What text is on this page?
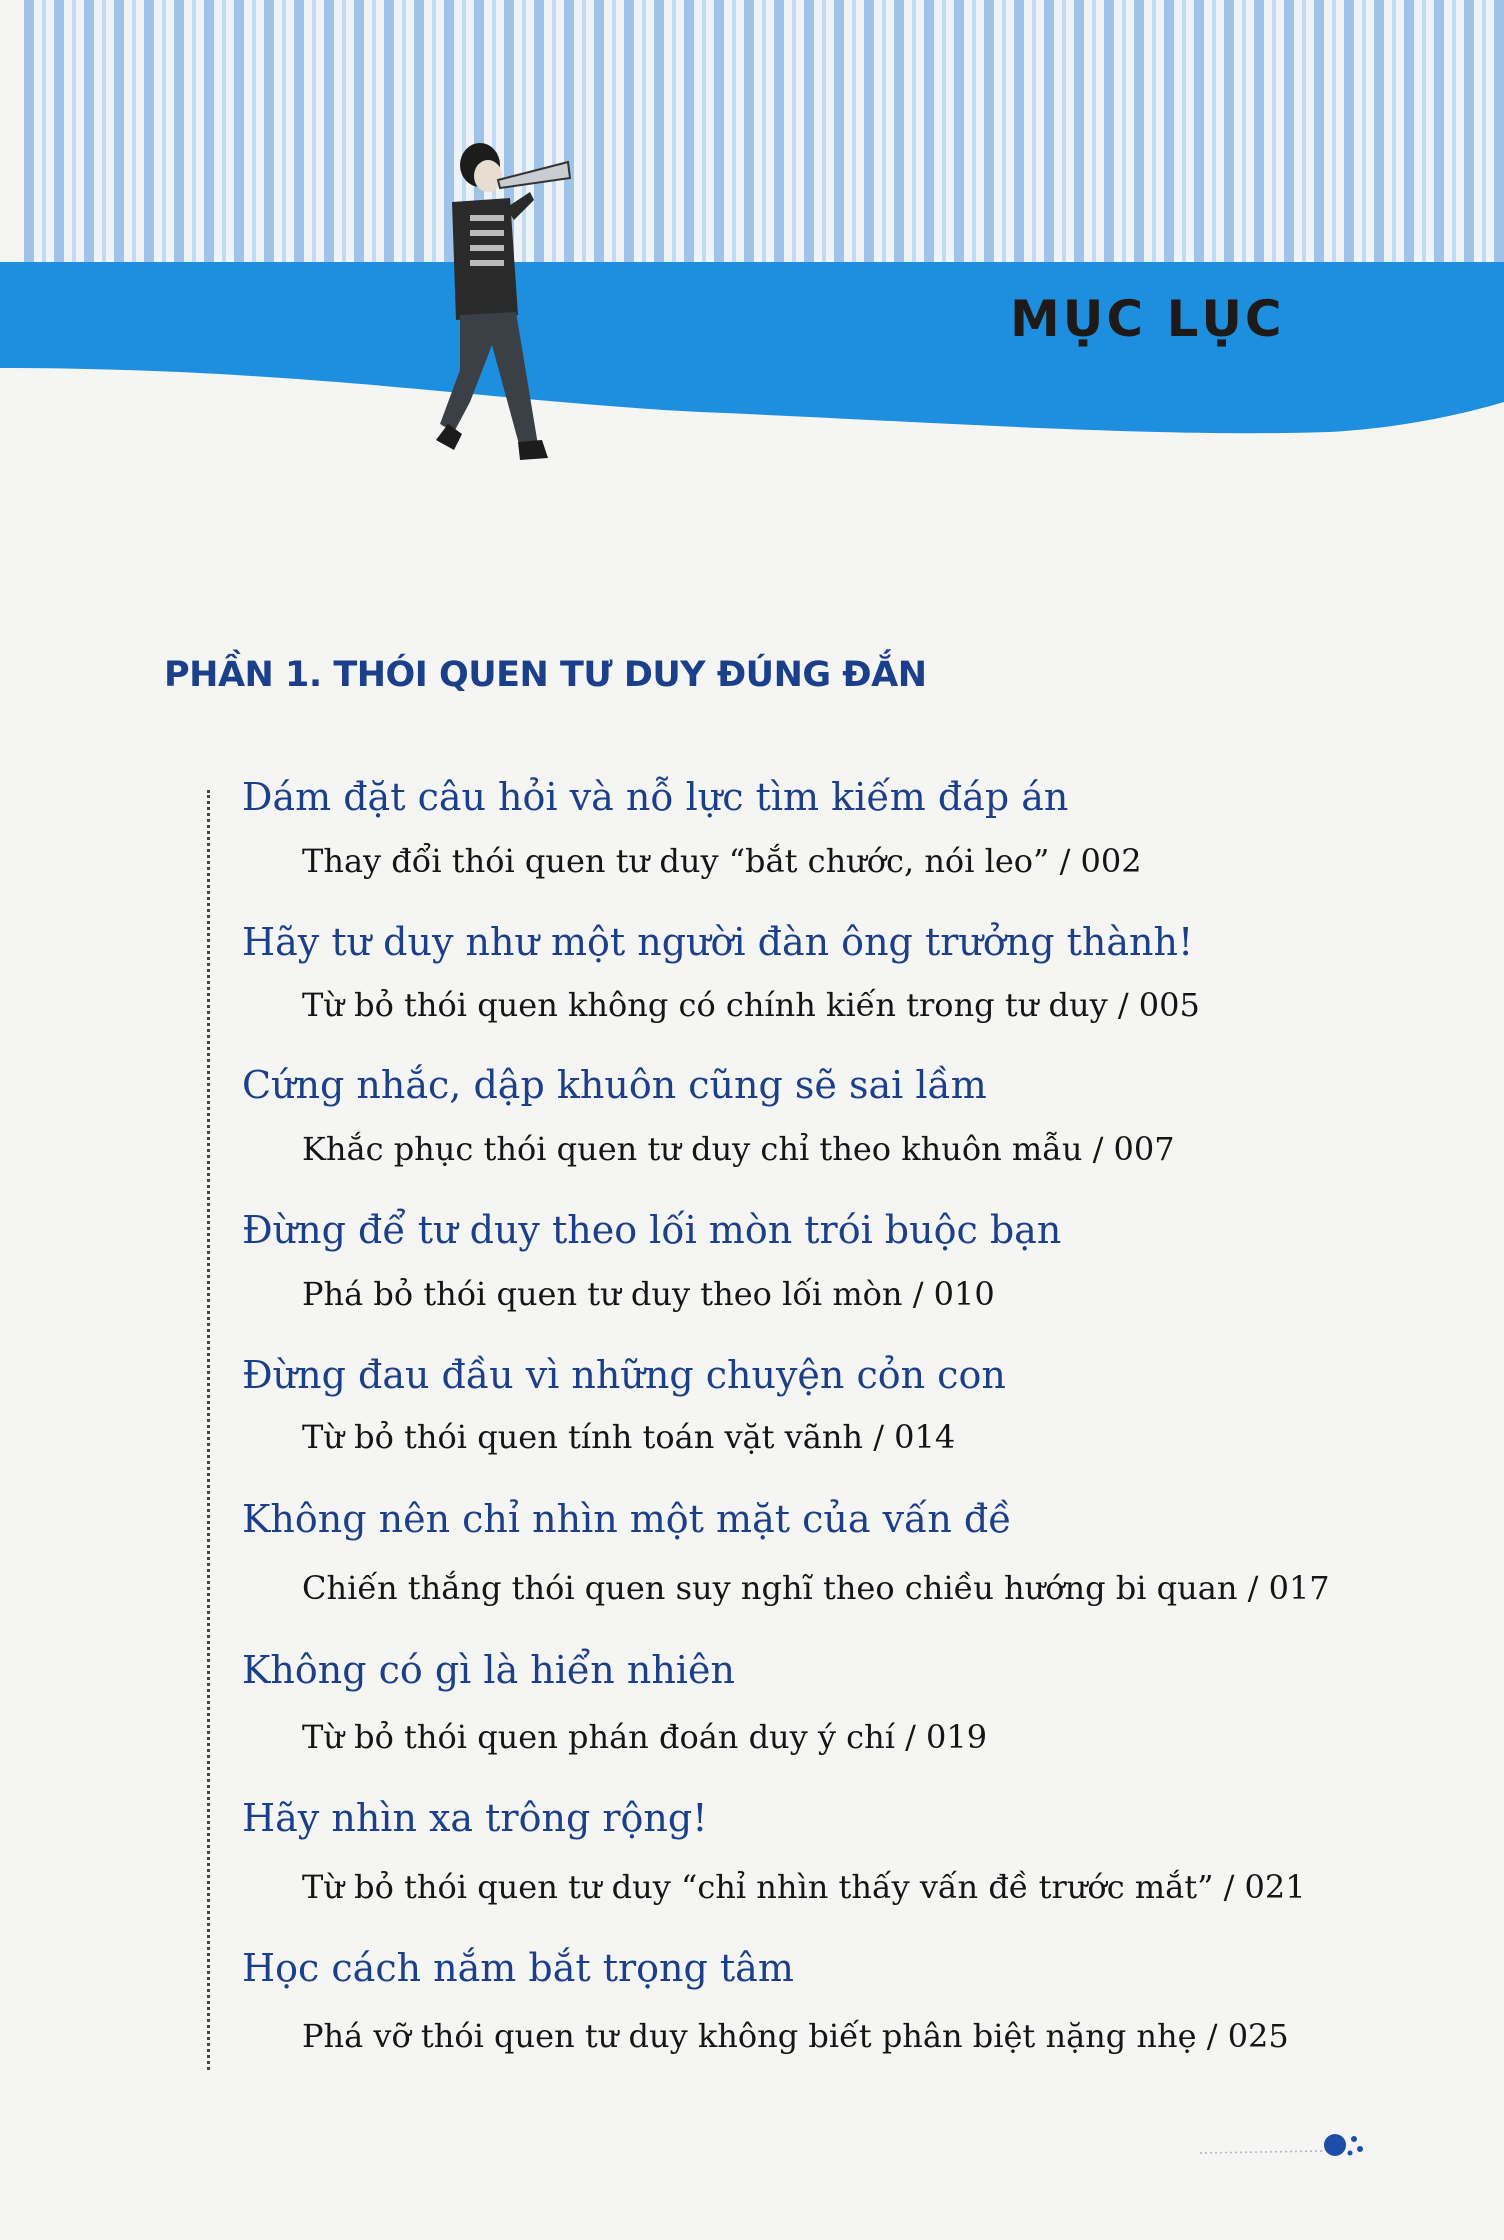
MỤC LỤC
PHẦN 1. THÓI QUEN TƯ DUY ĐÚNG ĐẮN
Dám đặt câu hỏi và nỗ lực tìm kiếm đáp án
Thay đổi thói quen tư duy “bắt chước, nói leo” / 002
Hãy tư duy như một người đàn ông trưởng thành!
Từ bỏ thói quen không có chính kiến trong tư duy / 005
Cứng nhắc, dập khuôn cũng sẽ sai lầm
Khắc phục thói quen tư duy chỉ theo khuôn mẫu / 007
Đừng để tư duy theo lối mòn trói buộc bạn
Phá bỏ thói quen tư duy theo lối mòn / 010
Đừng đau đầu vì những chuyện cỏn con
Từ bỏ thói quen tính toán vặt vãnh / 014
Không nên chỉ nhìn một mặt của vấn đề
Chiến thắng thói quen suy nghĩ theo chiều hướng bi quan / 017
Không có gì là hiển nhiên
Từ bỏ thói quen phán đoán duy ý chí / 019
Hãy nhìn xa trông rộng!
Từ bỏ thói quen tư duy “chỉ nhìn thấy vấn đề trước mắt” / 021
Học cách nắm bắt trọng tâm
Phá vỡ thói quen tư duy không biết phân biệt nặng nhẹ / 025
